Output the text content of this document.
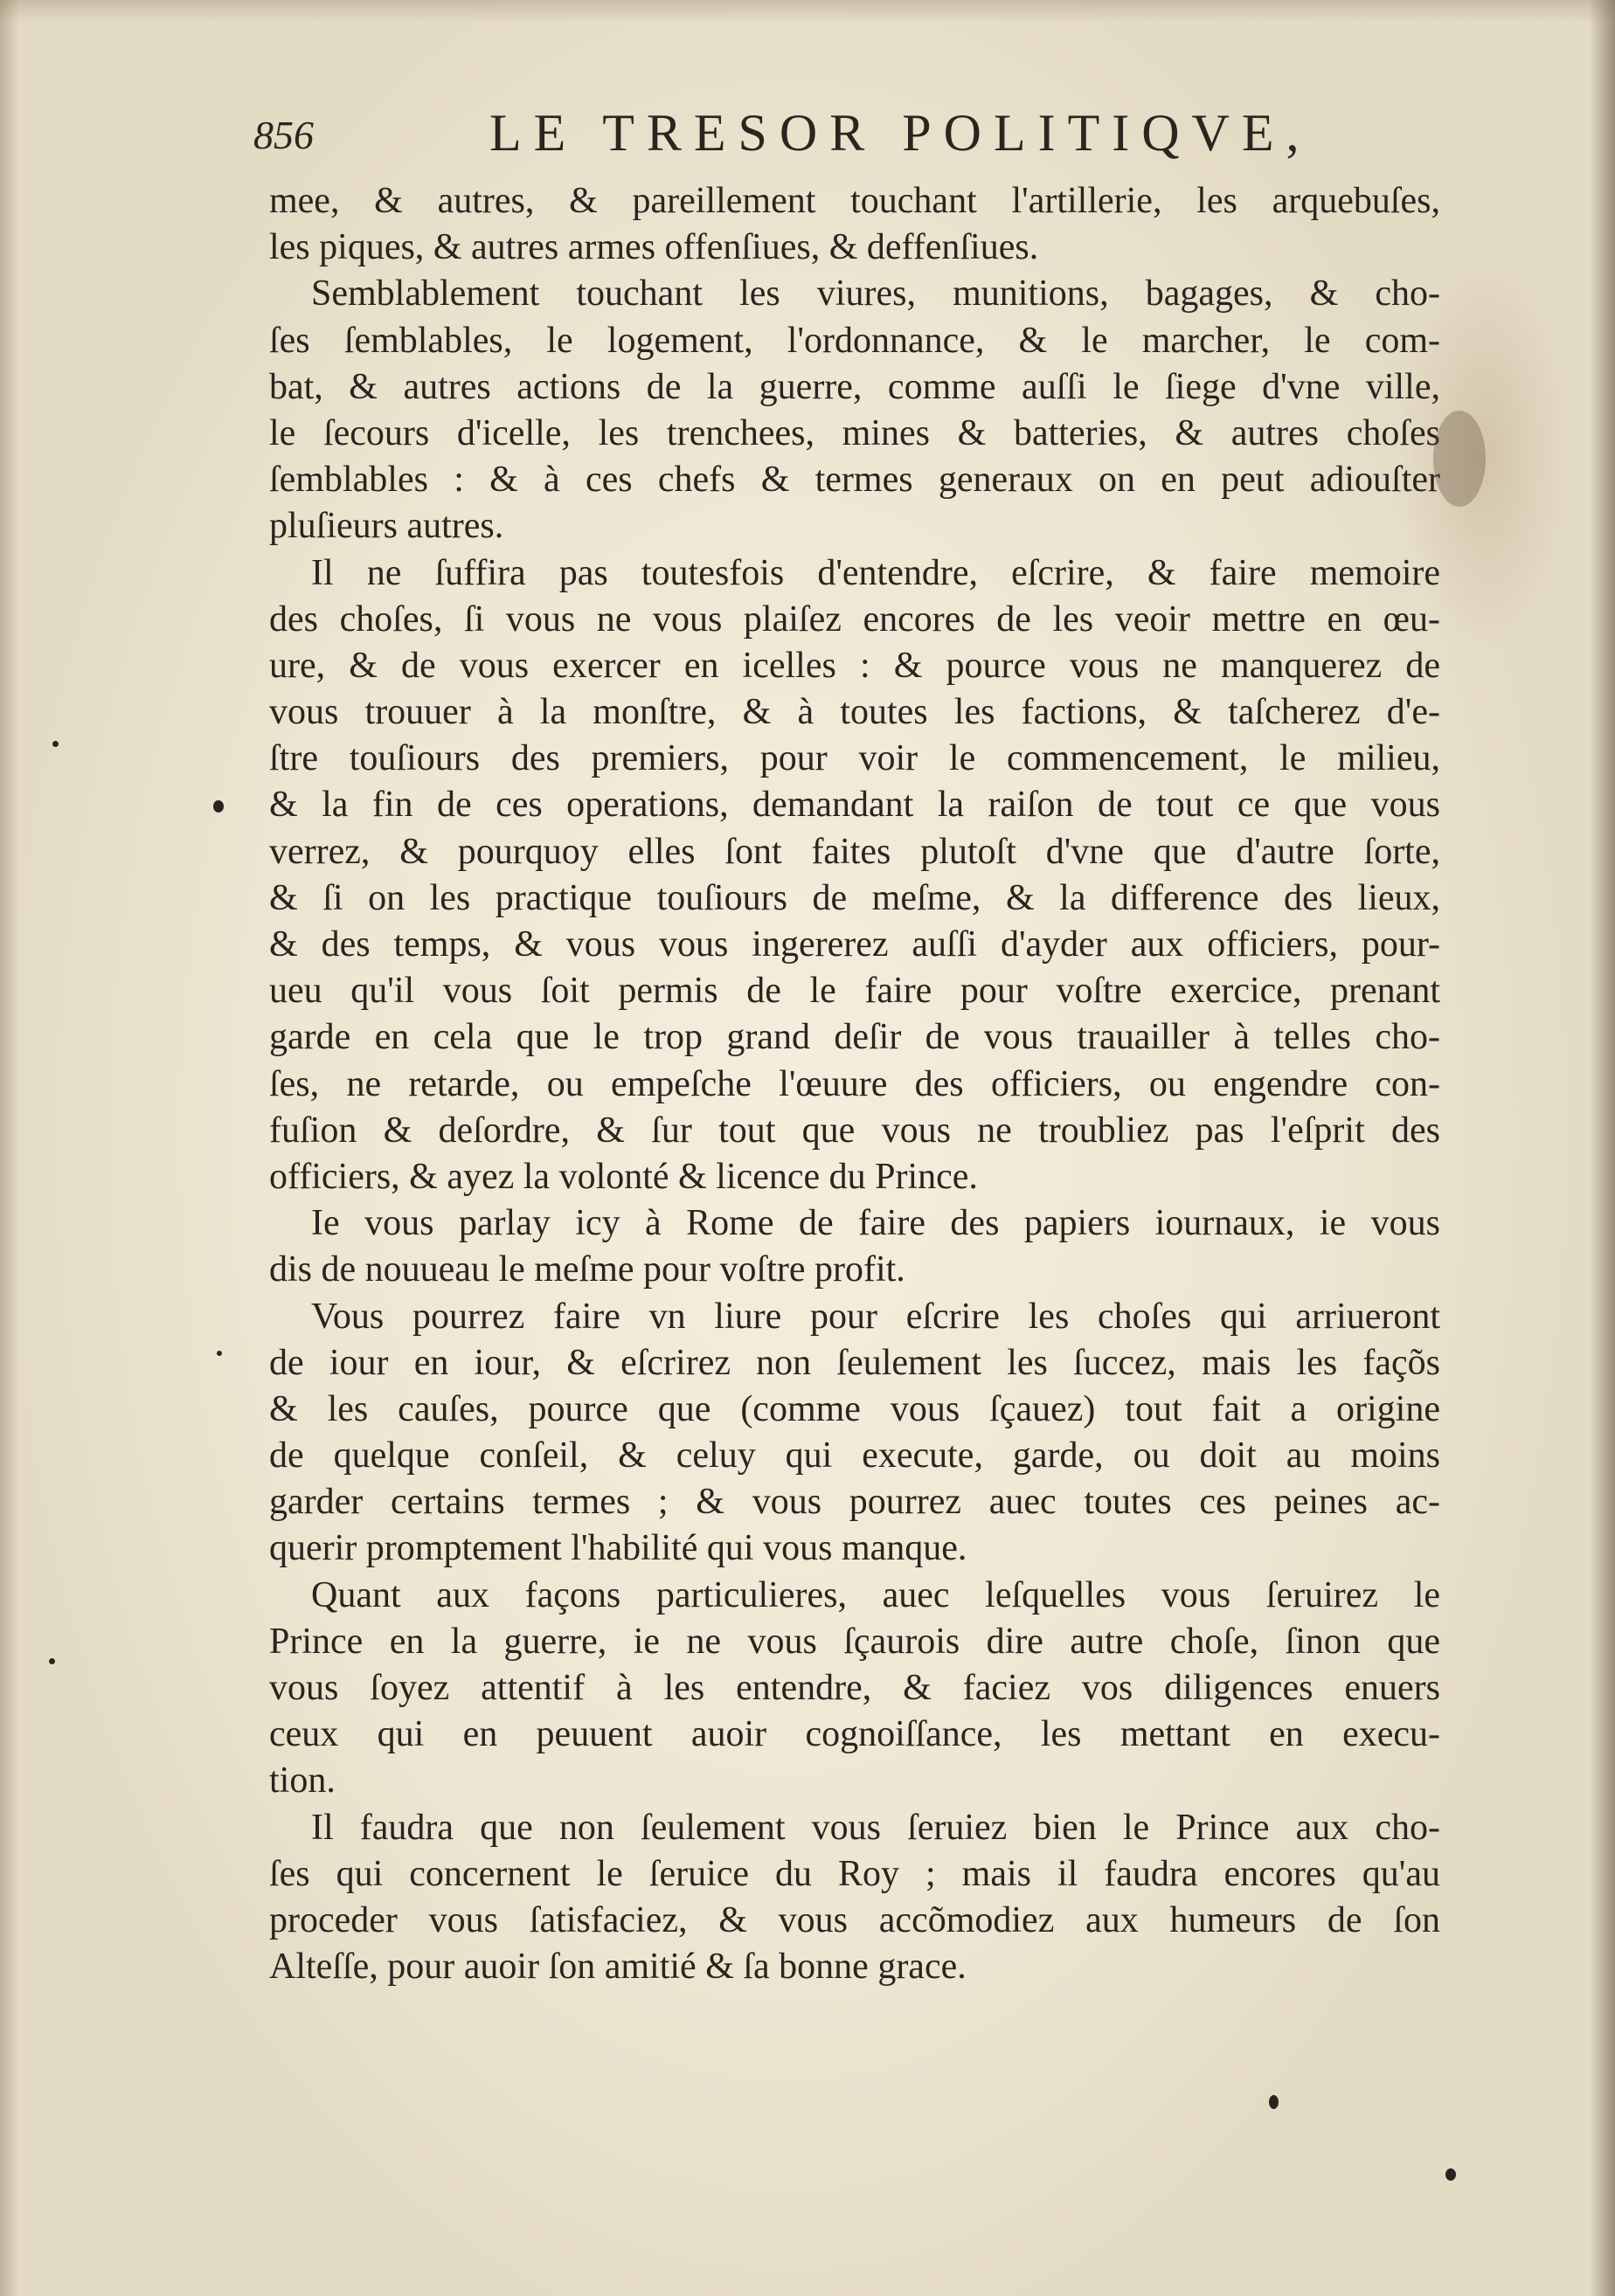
856	LE TRESOR POLITIQVE,
mee, & autres, & pareillement touchant l'artillerie, les arquebuſes,
les piques, & autres armes offenſiues, & deffenſiues.
Semblablement touchant les viures, munitions, bagages, & cho-
ſes ſemblables, le logement, l'ordonnance, & le marcher, le com-
bat, & autres actions de la guerre, comme auſſi le ſiege d'vne ville,
le ſecours d'icelle, les trenchees, mines & batteries, & autres choſes
ſemblables : & à ces chefs & termes generaux on en peut adiouſter
pluſieurs autres.
Il ne ſuffira pas toutesfois d'entendre, eſcrire, & faire memoire
des choſes, ſi vous ne vous plaiſez encores de les veoir mettre en œu-
ure, & de vous exercer en icelles : & pource vous ne manquerez de
vous trouuer à la monſtre, & à toutes les factions, & taſcherez d'e-
ſtre touſiours des premiers, pour voir le commencement, le milieu,
& la fin de ces operations, demandant la raiſon de tout ce que vous
verrez, & pourquoy elles ſont faites plutoſt d'vne que d'autre ſorte,
& ſi on les practique touſiours de meſme, & la difference des lieux,
& des temps, & vous vous ingererez auſſi d'ayder aux officiers, pour-
ueu qu'il vous ſoit permis de le faire pour voſtre exercice, prenant
garde en cela que le trop grand deſir de vous trauailler à telles cho-
ſes, ne retarde, ou empeſche l'œuure des officiers, ou engendre con-
fuſion & deſordre, & ſur tout que vous ne troubliez pas l'eſprit des
officiers, & ayez la volonté & licence du Prince.
Ie vous parlay icy à Rome de faire des papiers iournaux, ie vous
dis de nouueau le meſme pour voſtre profit.
Vous pourrez faire vn liure pour eſcrire les choſes qui arriueront
de iour en iour, & eſcrirez non ſeulement les ſuccez, mais les façõs
& les cauſes, pource que (comme vous ſçauez) tout fait a origine
de quelque conſeil, & celuy qui execute, garde, ou doit au moins
garder certains termes ; & vous pourrez auec toutes ces peines ac-
querir promptement l'habilité qui vous manque.
Quant aux façons particulieres, auec leſquelles vous ſeruirez le
Prince en la guerre, ie ne vous ſçaurois dire autre choſe, ſinon que
vous ſoyez attentif à les entendre, & faciez vos diligences enuers
ceux qui en peuuent auoir cognoiſſance, les mettant en execu-
tion.
Il faudra que non ſeulement vous ſeruiez bien le Prince aux cho-
ſes qui concernent le ſeruice du Roy ; mais il faudra encores qu'au
proceder vous ſatisfaciez, & vous accõmodiez aux humeurs de ſon
Alteſſe, pour auoir ſon amitié & ſa bonne grace.
